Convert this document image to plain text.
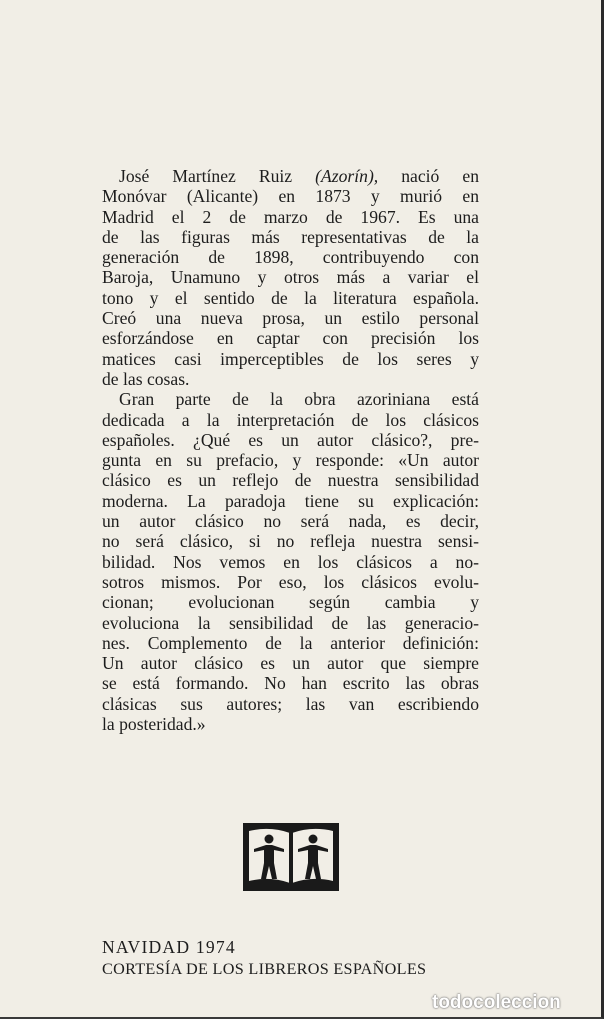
José Martínez Ruiz (Azorín), nació en
Monóvar (Alicante) en 1873 y murió en
Madrid el 2 de marzo de 1967. Es una
de las figuras más representativas de la
generación de 1898, contribuyendo con
Baroja, Unamuno y otros más a variar el
tono y el sentido de la literatura española.
Creó una nueva prosa, un estilo personal
esforzándose en captar con precisión los
matices casi imperceptibles de los seres y
de las cosas.
Gran parte de la obra azoriniana está
dedicada a la interpretación de los clásicos
españoles. ¿Qué es un autor clásico?, pre-
gunta en su prefacio, y responde: «Un autor
clásico es un reflejo de nuestra sensibilidad
moderna. La paradoja tiene su explicación:
un autor clásico no será nada, es decir,
no será clásico, si no refleja nuestra sensi-
bilidad. Nos vemos en los clásicos a no-
sotros mismos. Por eso, los clásicos evolu-
cionan; evolucionan según cambia y
evoluciona la sensibilidad de las generacio-
nes. Complemento de la anterior definición:
Un autor clásico es un autor que siempre
se está formando. No han escrito las obras
clásicas sus autores; las van escribiendo
la posteridad.»
NAVIDAD 1974
CORTESÍA DE LOS LIBREROS ESPAÑOLES
todocoleccion
